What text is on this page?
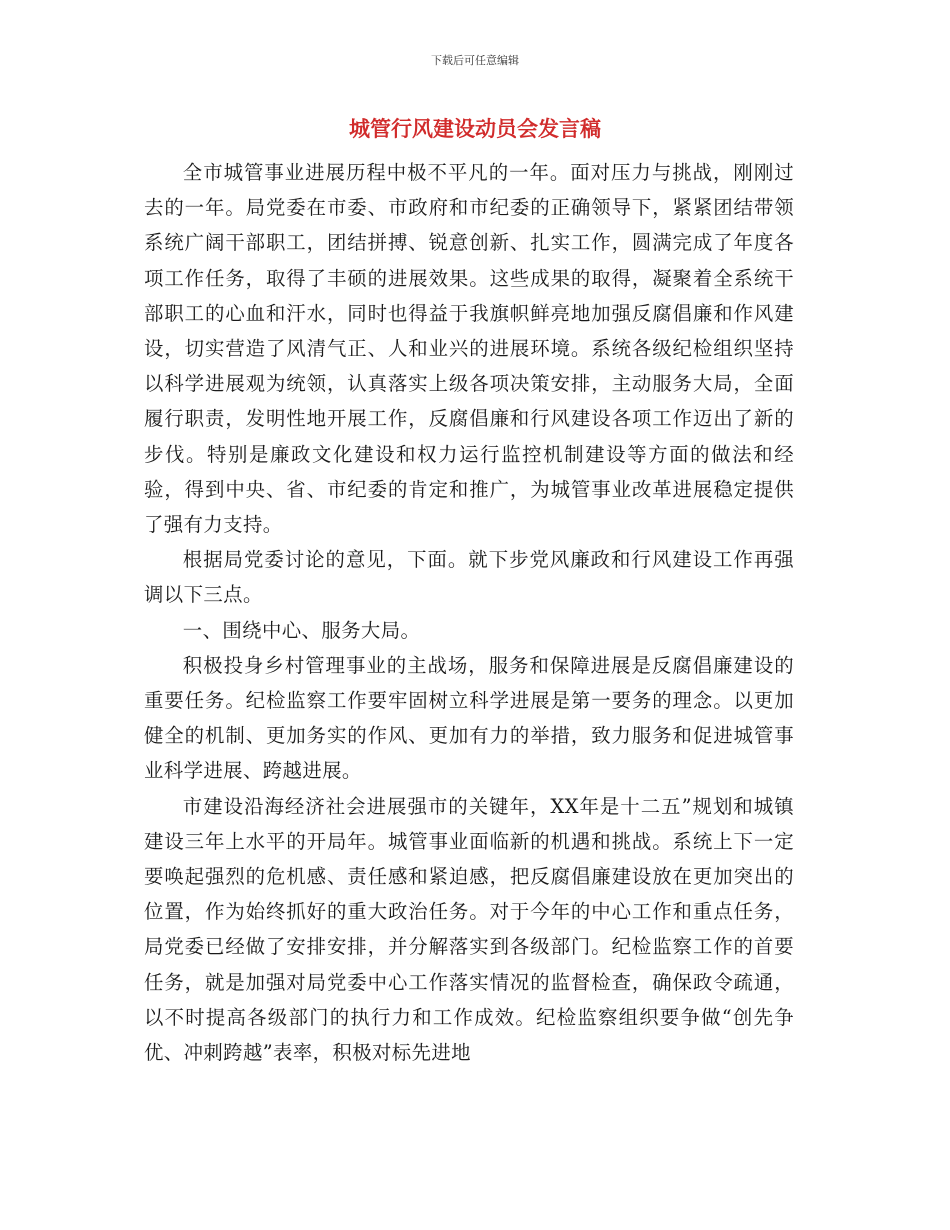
下载后可任意编辑
城管行风建设动员会发言稿

全市城管事业进展历程中极不平凡的一年。面对压力与挑战，刚刚过去的一年。局党委在市委、市政府和市纪委的正确领导下，紧紧团结带领系统广阔干部职工，团结拼搏、锐意创新、扎实工作，圆满完成了年度各项工作任务，取得了丰硕的进展效果。这些成果的取得，凝聚着全系统干部职工的心血和汗水，同时也得益于我旗帜鲜亮地加强反腐倡廉和作风建设，切实营造了风清气正、人和业兴的进展环境。系统各级纪检组织坚持以科学进展观为统领，认真落实上级各项决策安排，主动服务大局，全面履行职责，发明性地开展工作，反腐倡廉和行风建设各项工作迈出了新的步伐。特别是廉政文化建设和权力运行监控机制建设等方面的做法和经验，得到中央、省、市纪委的肯定和推广，为城管事业改革进展稳定提供了强有力支持。

根据局党委讨论的意见，下面。就下步党风廉政和行风建设工作再强调以下三点。

一、围绕中心、服务大局。

积极投身乡村管理事业的主战场，服务和保障进展是反腐倡廉建设的重要任务。纪检监察工作要牢固树立科学进展是第一要务的理念。以更加健全的机制、更加务实的作风、更加有力的举措，致力服务和促进城管事业科学进展、跨越进展。

市建设沿海经济社会进展强市的关键年，XX年是十二五”规划和城镇建设三年上水平的开局年。城管事业面临新的机遇和挑战。系统上下一定要唤起强烈的危机感、责任感和紧迫感，把反腐倡廉建设放在更加突出的位置，作为始终抓好的重大政治任务。对于今年的中心工作和重点任务，局党委已经做了安排安排，并分解落实到各级部门。纪检监察工作的首要任务，就是加强对局党委中心工作落实情况的监督检查，确保政令疏通，以不时提高各级部门的执行力和工作成效。纪检监察组织要争做“创先争优、冲刺跨越”表率，积极对标先进地
